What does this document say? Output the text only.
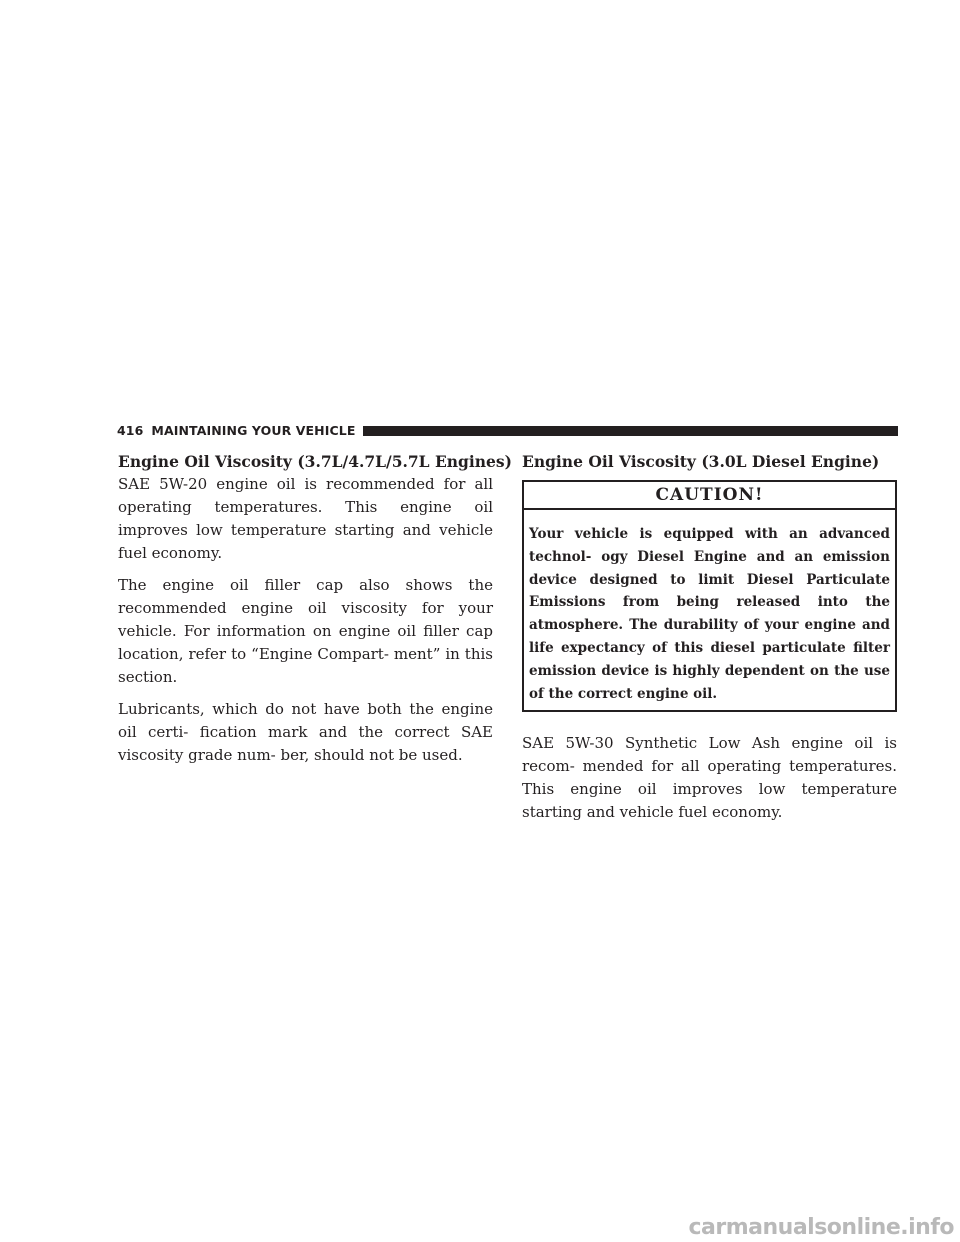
416 MAINTAINING YOUR VEHICLE
Engine Oil Viscosity (3.7L/4.7L/5.7L Engines)

SAE 5W-20 engine oil is recommended for all operating temperatures. This engine oil improves low temperature starting and vehicle fuel economy.

The engine oil filler cap also shows the recommended engine oil viscosity for your vehicle. For information on engine oil filler cap location, refer to “Engine Compart- ment” in this section.

Lubricants, which do not have both the engine oil certi- fication mark and the correct SAE viscosity grade num- ber, should not be used.

Engine Oil Viscosity (3.0L Diesel Engine)
CAUTION!
Your vehicle is equipped with an advanced technol- ogy Diesel Engine and an emission device designed to limit Diesel Particulate Emissions from being released into the atmosphere. The durability of your engine and life expectancy of this diesel particulate filter emission device is highly dependent on the use of the correct engine oil.

SAE 5W-30 Synthetic Low Ash engine oil is recom- mended for all operating temperatures. This engine oil improves low temperature starting and vehicle fuel economy.

carmanualsonline.info
